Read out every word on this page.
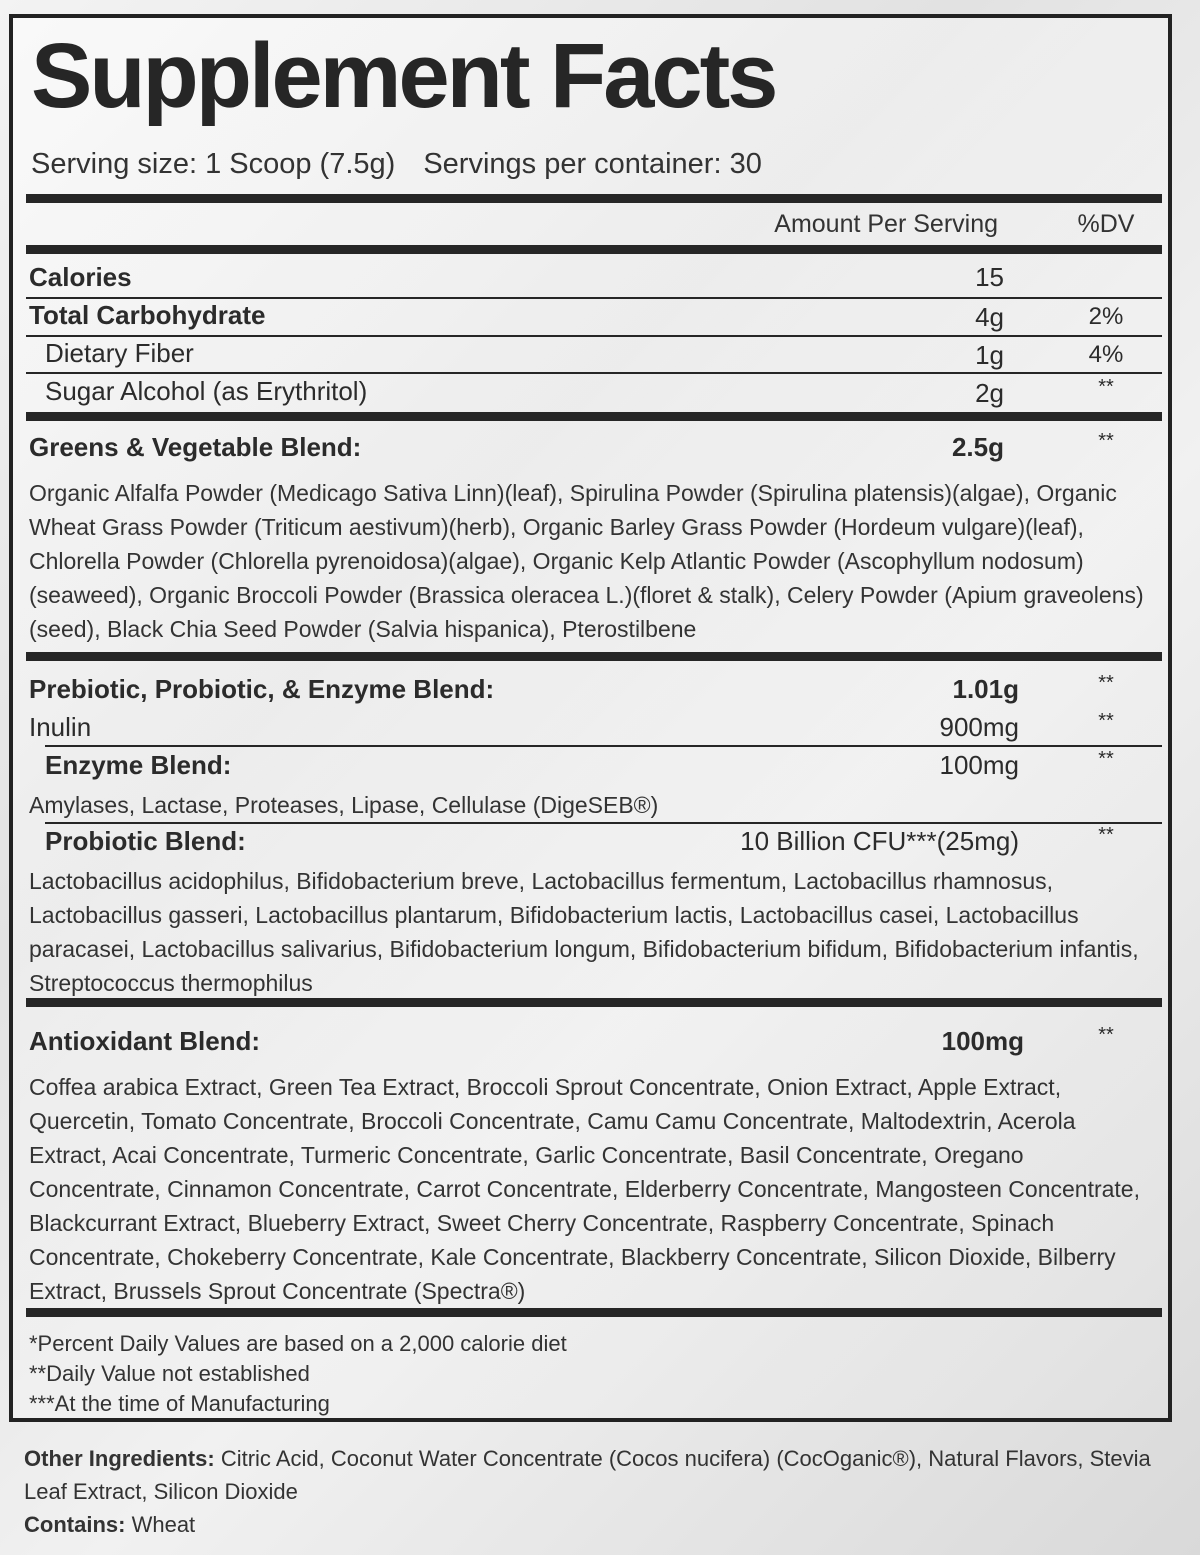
Supplement Facts
Serving size: 1 Scoop (7.5g) Servings per container: 30
Amount Per Serving	%DV
Calories	15
Total Carbohydrate	4g	2%
Dietary Fiber	1g	4%
Sugar Alcohol (as Erythritol)	2g	**
Greens & Vegetable Blend:	2.5g	**
Organic Alfalfa Powder (Medicago Sativa Linn)(leaf), Spirulina Powder (Spirulina platensis)(algae), Organic Wheat Grass Powder (Triticum aestivum)(herb), Organic Barley Grass Powder (Hordeum vulgare)(leaf), Chlorella Powder (Chlorella pyrenoidosa)(algae), Organic Kelp Atlantic Powder (Ascophyllum nodosum)(seaweed), Organic Broccoli Powder (Brassica oleracea L.)(floret & stalk), Celery Powder (Apium graveolens)(seed), Black Chia Seed Powder (Salvia hispanica), Pterostilbene
Prebiotic, Probiotic, & Enzyme Blend:	1.01g	**
Inulin	900mg	**
Enzyme Blend:	100mg	**
Amylases, Lactase, Proteases, Lipase, Cellulase (DigeSEB®)
Probiotic Blend:	10 Billion CFU***(25mg)	**
Lactobacillus acidophilus, Bifidobacterium breve, Lactobacillus fermentum, Lactobacillus rhamnosus, Lactobacillus gasseri, Lactobacillus plantarum, Bifidobacterium lactis, Lactobacillus casei, Lactobacillus paracasei, Lactobacillus salivarius, Bifidobacterium longum, Bifidobacterium bifidum, Bifidobacterium infantis, Streptococcus thermophilus
Antioxidant Blend:	100mg	**
Coffea arabica Extract, Green Tea Extract, Broccoli Sprout Concentrate, Onion Extract, Apple Extract, Quercetin, Tomato Concentrate, Broccoli Concentrate, Camu Camu Concentrate, Maltodextrin, Acerola Extract, Acai Concentrate, Turmeric Concentrate, Garlic Concentrate, Basil Concentrate, Oregano Concentrate, Cinnamon Concentrate, Carrot Concentrate, Elderberry Concentrate, Mangosteen Concentrate, Blackcurrant Extract, Blueberry Extract, Sweet Cherry Concentrate, Raspberry Concentrate, Spinach Concentrate, Chokeberry Concentrate, Kale Concentrate, Blackberry Concentrate, Silicon Dioxide, Bilberry Extract, Brussels Sprout Concentrate (Spectra®)
*Percent Daily Values are based on a 2,000 calorie diet
**Daily Value not established
***At the time of Manufacturing
Other Ingredients: Citric Acid, Coconut Water Concentrate (Cocos nucifera) (CocOganic®), Natural Flavors, Stevia Leaf Extract, Silicon Dioxide
Contains: Wheat
